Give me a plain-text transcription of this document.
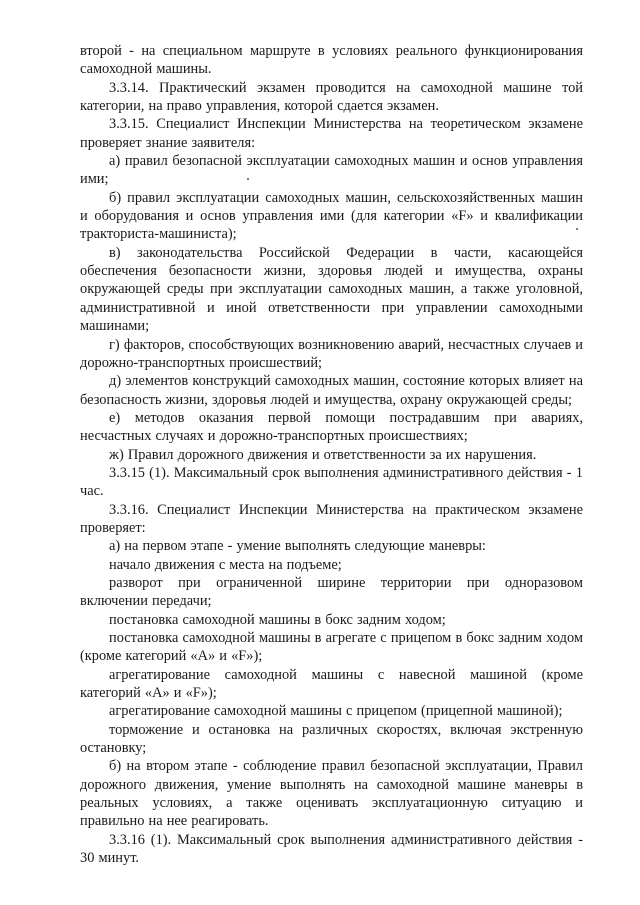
второй - на специальном маршруте в условиях реального функционирования самоходной машины.

3.3.14. Практический экзамен проводится на самоходной машине той категории, на право управления, которой сдается экзамен.

3.3.15. Специалист Инспекции Министерства на теоретическом экзамене проверяет знание заявителя:

а) правил безопасной эксплуатации самоходных машин и основ управления ими;

б) правил эксплуатации самоходных машин, сельскохозяйственных машин и оборудования и основ управления ими (для категории «F» и квалификации тракториста-машиниста);

в) законодательства Российской Федерации в части, касающейся обеспечения безопасности жизни, здоровья людей и имущества, охраны окружающей среды при эксплуатации самоходных машин, а также уголовной, административной и иной ответственности при управлении самоходными машинами;

г) факторов, способствующих возникновению аварий, несчастных случаев и дорожно-транспортных происшествий;

д) элементов конструкций самоходных машин, состояние которых влияет на безопасность жизни, здоровья людей и имущества, охрану окружающей среды;

е) методов оказания первой помощи пострадавшим при авариях, несчастных случаях и дорожно-транспортных происшествиях;

ж) Правил дорожного движения и ответственности за их нарушения.

3.3.15 (1). Максимальный срок выполнения административного действия - 1 час.

3.3.16. Специалист Инспекции Министерства на практическом экзамене проверяет:

а) на первом этапе - умение выполнять следующие маневры:

начало движения с места на подъеме;

разворот при ограниченной ширине территории при одноразовом включении передачи;

постановка самоходной машины в бокс задним ходом;

постановка самоходной машины в агрегате с прицепом в бокс задним ходом (кроме категорий «А» и «F»);

агрегатирование самоходной машины с навесной машиной (кроме категорий «А» и «F»);

агрегатирование самоходной машины с прицепом (прицепной машиной);

торможение и остановка на различных скоростях, включая экстренную остановку;

б) на втором этапе - соблюдение правил безопасной эксплуатации, Правил дорожного движения, умение выполнять на самоходной машине маневры в реальных условиях, а также оценивать эксплуатационную ситуацию и правильно на нее реагировать.

3.3.16 (1). Максимальный срок выполнения административного действия - 30 минут.
